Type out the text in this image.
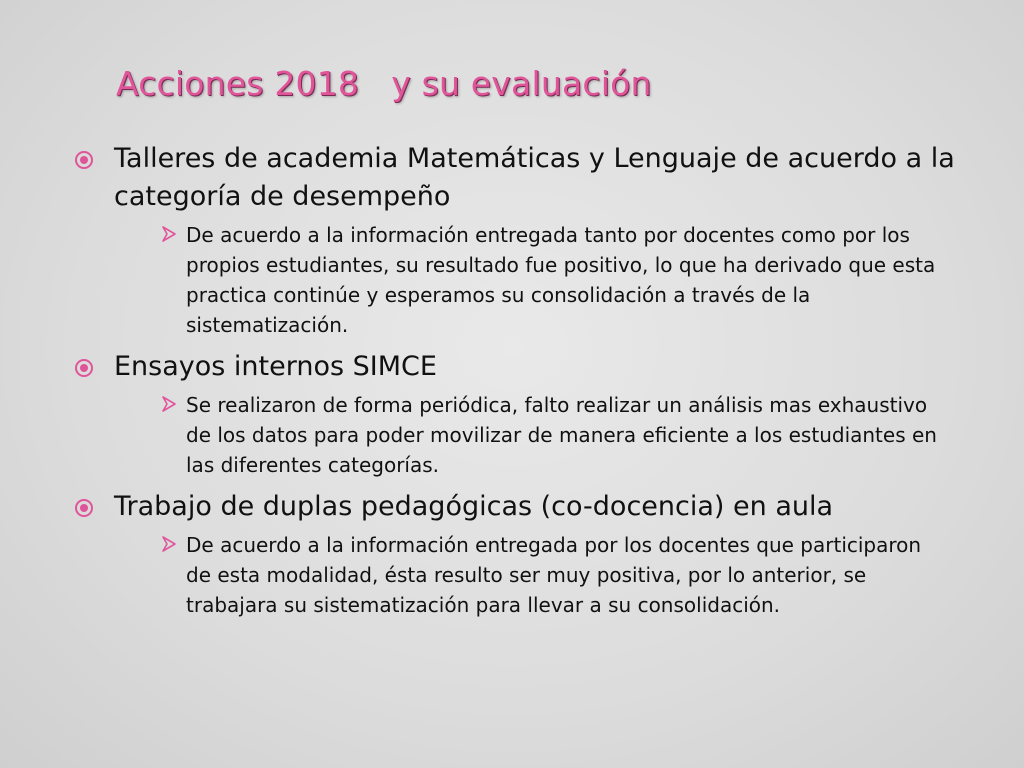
Acciones 2018   y su evaluación
Talleres de academia Matemáticas y Lenguaje de acuerdo a la categoría de desempeño
De acuerdo a la información entregada tanto por docentes como por los propios estudiantes, su resultado fue positivo, lo que ha derivado que esta practica continúe y esperamos su consolidación a través de la sistematización.
Ensayos internos SIMCE
Se realizaron de forma periódica, falto realizar un análisis mas exhaustivo de los datos para poder movilizar de manera eficiente a los estudiantes en las diferentes categorías.
Trabajo de duplas pedagógicas (co-docencia) en aula
De acuerdo a la información entregada por los docentes que participaron de esta modalidad, ésta resulto ser muy positiva, por lo anterior, se trabajara su sistematización para llevar a su consolidación.
